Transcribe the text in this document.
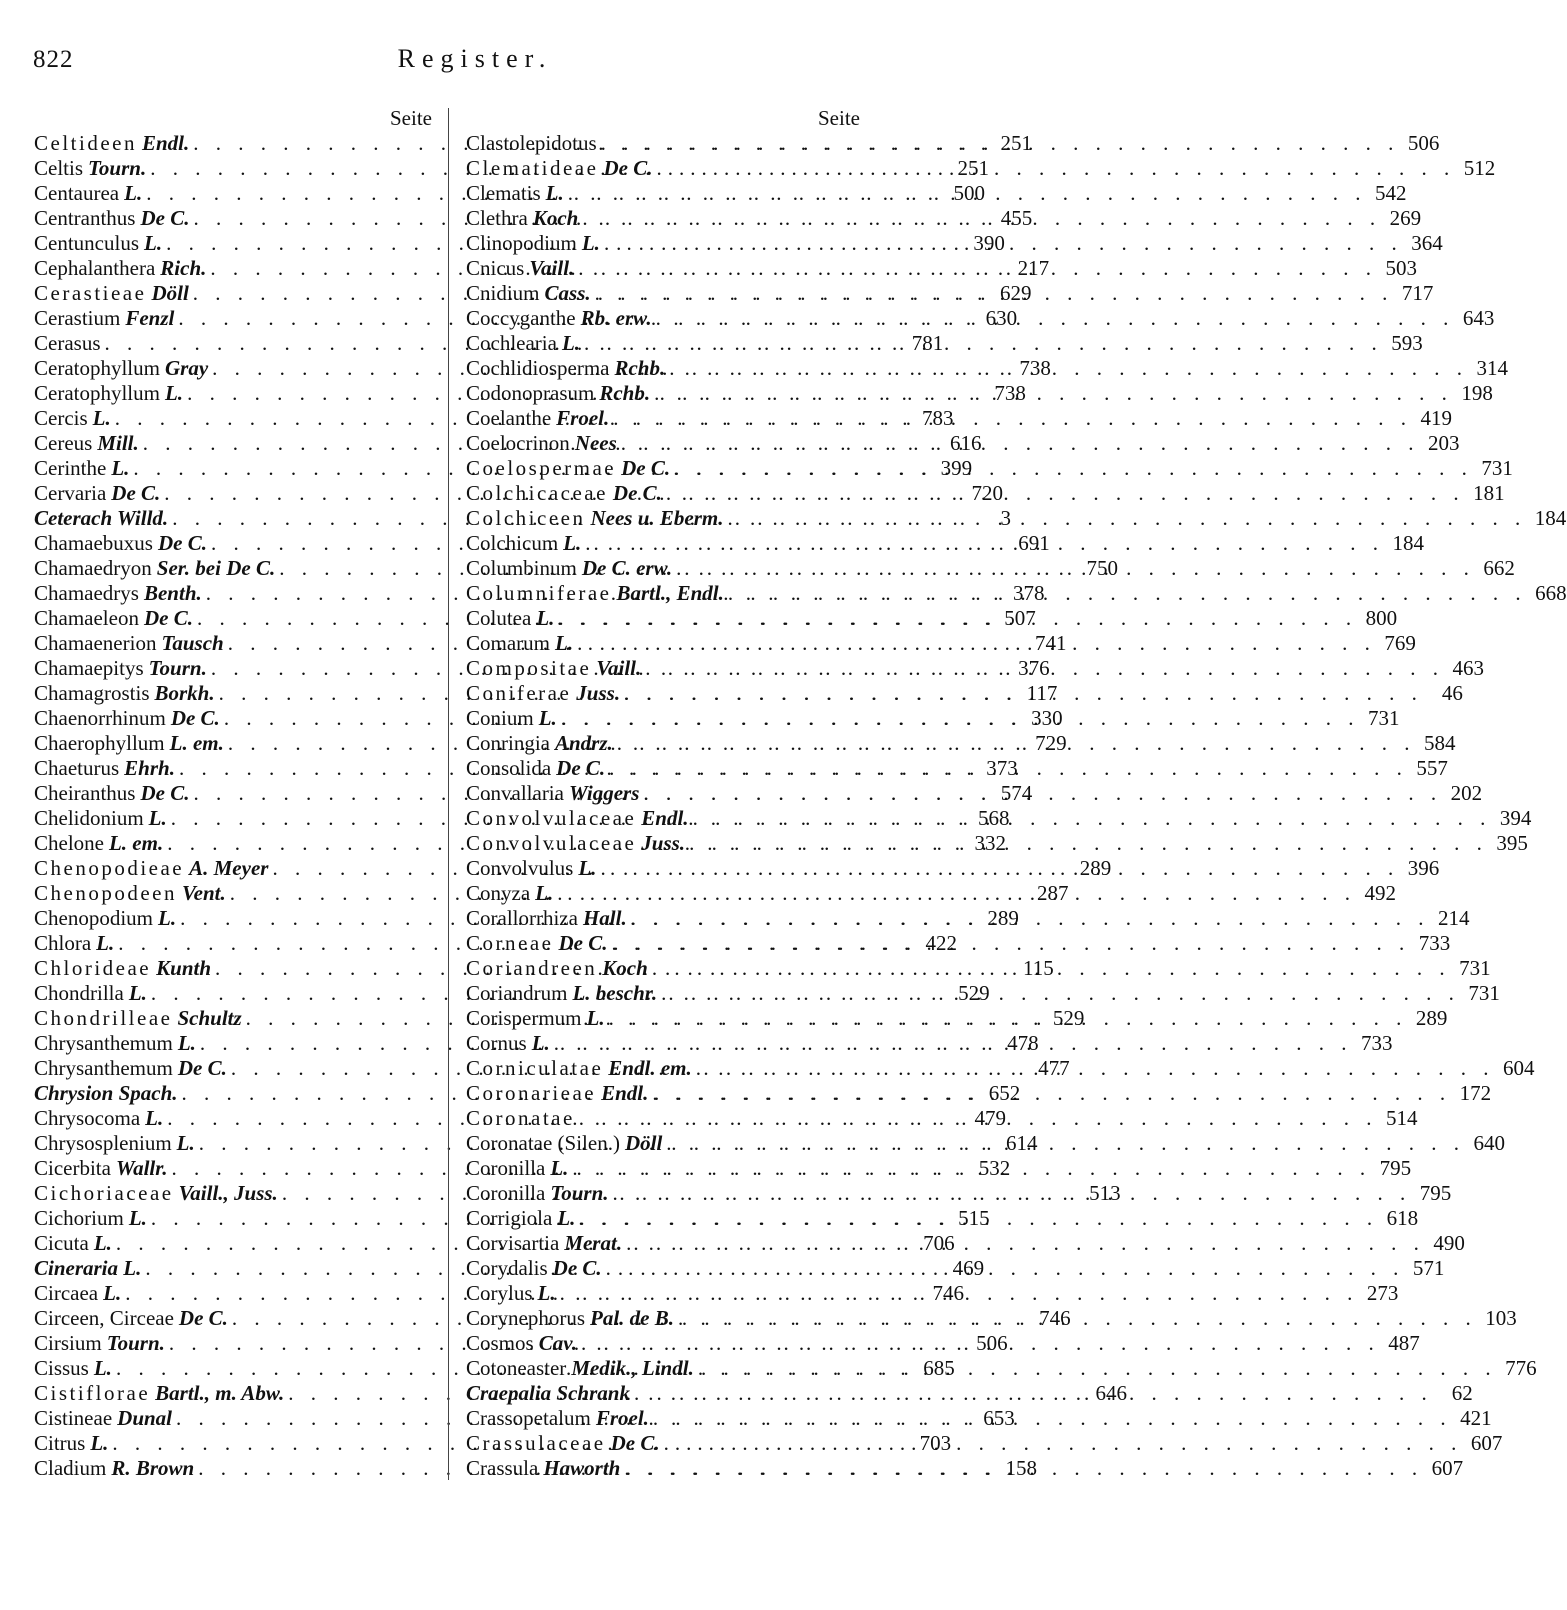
822	Register.
Seite
Celtideen Endl. . . .	251
Celtis Tourn. . . .	251
Centaurea L. . . .	500
Centranthus De C. . . .	455
Centunculus L. . . .	390
Cephalanthera Rich. . . .	217
Cerastieae Döll . . .	629
Cerastium Fenzl . . .	630
Cerasus . . .	781
Ceratophyllum Gray . . .	738
Ceratophyllum L. . . .	738
Cercis L. . . .	783
Cereus Mill. . . .	616
Cerinthe L. . . .	399
Cervaria De C. . . .	720
Ceterach Willd. . . .	3
Chamaebuxus De C. . . .	691
Chamaedryon Ser. bei De C. . . .	750
Chamaedrys Benth. . . .	378
Chamaeleon De C. . . .	507
Chamaenerion Tausch . . .	741
Chamaepitys Tourn. . . .	376
Chamagrostis Borkh. . . .	117
Chaenorrhinum De C. . . .	330
Chaerophyllum L. em. . . .	729
Chaeturus Ehrh. . . .	373
Cheiranthus De C. . . .	574
Chelidonium L. . . .	568
Chelone L. em. . . .	332
Chenopodieae A. Meyer . . .	289
Chenopodeen Vent. . . .	287
Chenopodium L. . . .	289
Chlora L. . . .	422
Chlorideae Kunth . . .	115
Chondrilla L. . . .	529
Chondrilleae Schultz . . .	529
Chrysanthemum L. . . .	478
Chrysanthemum De C. . . .	477
Chrysion Spach. . . .	652
Chrysocoma L. . . .	479
Chrysosplenium L. . . .	614
Cicerbita Wallr. . . .	532
Cichoriaceae Vaill., Juss. . . .	513
Cichorium L. . . .	515
Cicuta L. . . .	706
Cineraria L. . . .	469
Circaea L. . . .	746
Circeen, Circeae De C. . . .	746
Cirsium Tourn. . . .	506
Cissus L. . . .	685
Cistiflorae Bartl., m. Abw. . . .	646
Cistineae Dunal . . .	653
Citrus L. . . .	703
Cladium R. Brown . . .	158
Seite
Clastolepidotus . . .	506
Clematideae De C. . . .	512
Clematis L. . . .	542
Clethra Koch . . .	269
Clinopodium L. . . .	364
Cnicus Vaill. . . .	503
Cnidium Cass. . . .	717
Coccyganthe Rb. erw. . . .	643
Cochlearia L. . . .	593
Cochlidiosperma Rchb. . . .	314
Codonoprasum Rchb. . . .	198
Coelanthe Froel. . . .	419
Coelocrinon Nees . . .	203
Coelospermae De C. . . .	731
Colchicaceae De C. . . .	181
Colchiceen Nees u. Eberm. . . .	184
Colchicum L. . . .	184
Columbinum De C. erw. . . .	662
Columniferae Bartl., Endl. . . .	668
Colutea L. . . .	800
Comarum L. . . .	769
Compositae Vaill. . . .	463
Coniferae Juss. . . .	46
Conium L. . . .	731
Conringia Andrz. . . .	584
Consolida De C. . . .	557
Convallaria Wiggers . . .	202
Convolvulaceae Endl. . . .	394
Convolvulaceae Juss. . . .	395
Convolvulus L. . . .	396
Conyza L. . . .	492
Corallorrhiza Hall. . . .	214
Corneae De C. . . .	733
Coriandreen Koch . . .	731
Coriandrum L. beschr. . . .	731
Corispermum L. . . .	289
Cornus L. . . .	733
Corniculatae Endl. em. . . .	604
Coronarieae Endl. . . .	172
Coronatae . . .	514
Coronatae (Silen.) Döll . . .	640
Coronilla L. . . .	795
Coronilla Tourn. . . .	795
Corrigiola L. . . .	618
Corvisartia Merat. . . .	490
Corydalis De C. . . .	571
Corylus L. . . .	273
Corynephorus Pal. de B. . . .	103
Cosmos Cav. . . .	487
Cotoneaster Medik., Lindl. . . .	776
Craepalia Schrank . . .	62
Crassopetalum Froel. . . .	421
Crassulaceae De C. . . .	607
Crassula Haworth . . .	607
